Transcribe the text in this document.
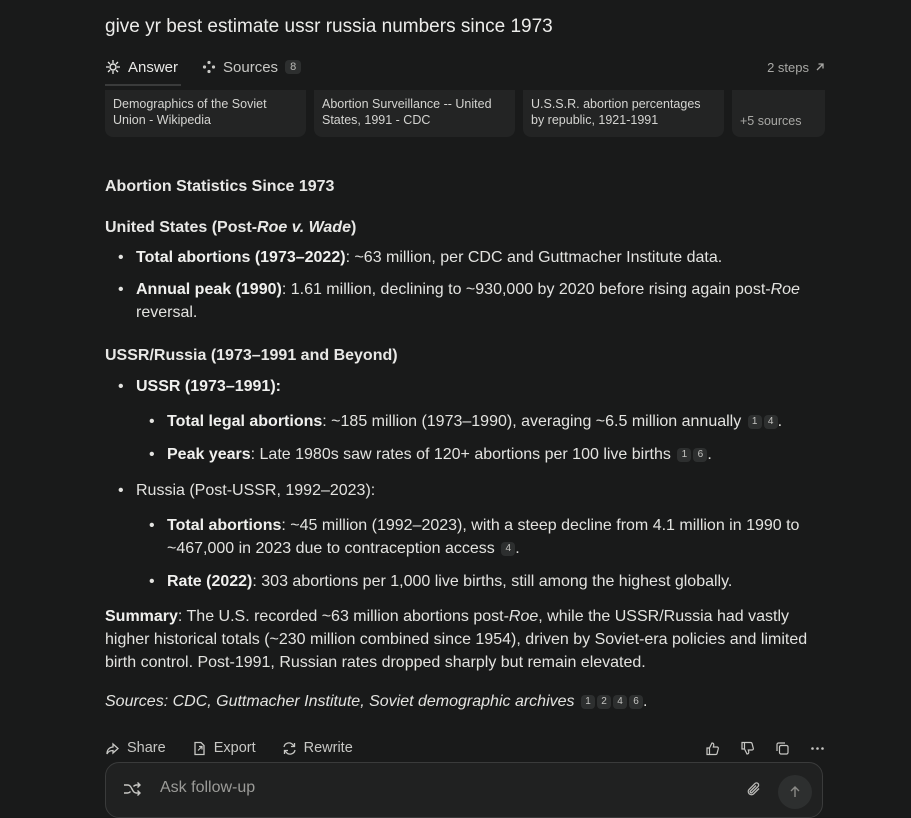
give yr best estimate ussr russia numbers since 1973
Answer	Sources	8	2 steps
Demographics of the Soviet Union - Wikipedia
Abortion Surveillance -- United States, 1991 - CDC
U.S.S.R. abortion percentages by republic, 1921-1991	+5 sources
Abortion Statistics Since 1973
United States (Post-Roe v. Wade)
• Total abortions (1973–2022): ~63 million, per CDC and Guttmacher Institute data.
• Annual peak (1990): 1.61 million, declining to ~930,000 by 2020 before rising again post-Roe reversal.
USSR/Russia (1973–1991 and Beyond)
• USSR (1973–1991):
• Total legal abortions: ~185 million (1973–1990), averaging ~6.5 million annually 1 4 .
• Peak years: Late 1980s saw rates of 120+ abortions per 100 live births 1 6 .
• Russia (Post-USSR, 1992–2023):
• Total abortions: ~45 million (1992–2023), with a steep decline from 4.1 million in 1990 to ~467,000 in 2023 due to contraception access 4 .
• Rate (2022): 303 abortions per 1,000 live births, still among the highest globally.
Summary: The U.S. recorded ~63 million abortions post-Roe, while the USSR/Russia had vastly higher historical totals (~230 million combined since 1954), driven by Soviet-era policies and limited birth control. Post-1991, Russian rates dropped sharply but remain elevated.
Sources: CDC, Guttmacher Institute, Soviet demographic archives 1 2 4 6 .
Share	Export	Rewrite
Ask follow-up
